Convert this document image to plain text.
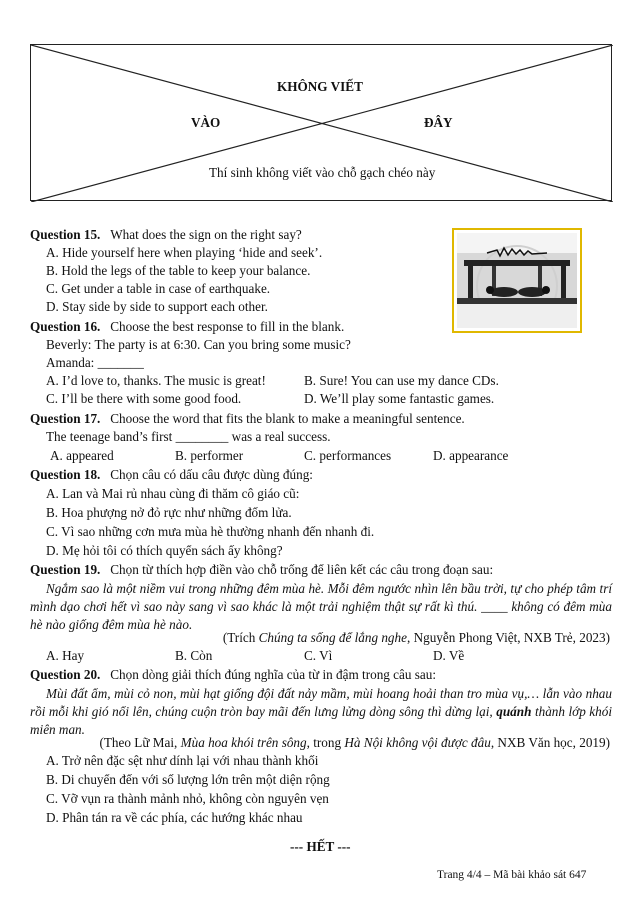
KHÔNG VIẾT
VÀO	ĐÂY
Thí sinh không viết vào chỗ gạch chéo này
Question 15. What does the sign on the right say?
A. Hide yourself here when playing ‘hide and seek’.
B. Hold the legs of the table to keep your balance.
C. Get under a table in case of earthquake.
D. Stay side by side to support each other.
Question 16. Choose the best response to fill in the blank.
Beverly: The party is at 6:30. Can you bring some music?
Amanda: _______
A. I’d love to, thanks. The music is great!	B. Sure! You can use my dance CDs.
C. I’ll be there with some good food.	D. We’ll play some fantastic games.
Question 17. Choose the word that fits the blank to make a meaningful sentence.
The teenage band’s first ________ was a real success.
A. appeared	B. performer	C. performances	D. appearance
Question 18. Chọn câu có dấu câu được dùng đúng:
A. Lan và Mai rủ nhau cùng đi thăm cô giáo cũ:
B. Hoa phượng nở đỏ rực như những đốm lửa.
C. Vì sao những cơn mưa mùa hè thường nhanh đến nhanh đi.
D. Mẹ hỏi tôi có thích quyển sách ấy không?
Question 19. Chọn từ thích hợp điền vào chỗ trống để liên kết các câu trong đoạn sau:
Ngắm sao là một niềm vui trong những đêm mùa hè. Mỗi đêm ngước nhìn lên bầu trời, tự cho phép tâm trí mình dạo chơi hết vì sao này sang vì sao khác là một trải nghiệm thật sự rất kì thú. ____ không có đêm mùa hè nào giống đêm mùa hè nào.
(Trích Chúng ta sống để lắng nghe, Nguyễn Phong Việt, NXB Trẻ, 2023)
A. Hay	B. Còn	C. Vì	D. Về
Question 20. Chọn dòng giải thích đúng nghĩa của từ in đậm trong câu sau:
Mùi đất ẩm, mùi cỏ non, mùi hạt giống đội đất nảy mầm, mùi hoang hoải than tro mùa vụ,… lẫn vào nhau rồi mỗi khi gió nổi lên, chúng cuộn tròn bay mãi đến lưng lửng dòng sông thì dừng lại, quánh thành lớp khói miên man.
(Theo Lữ Mai, Mùa hoa khói trên sông, trong Hà Nội không vội được đâu, NXB Văn học, 2019)
A. Trở nên đặc sệt như dính lại với nhau thành khối
B. Di chuyển đến với số lượng lớn trên một diện rộng
C. Vỡ vụn ra thành mảnh nhỏ, không còn nguyên vẹn
D. Phân tán ra về các phía, các hướng khác nhau
--- HẾT ---
Trang 4/4 – Mã bài khảo sát 647
